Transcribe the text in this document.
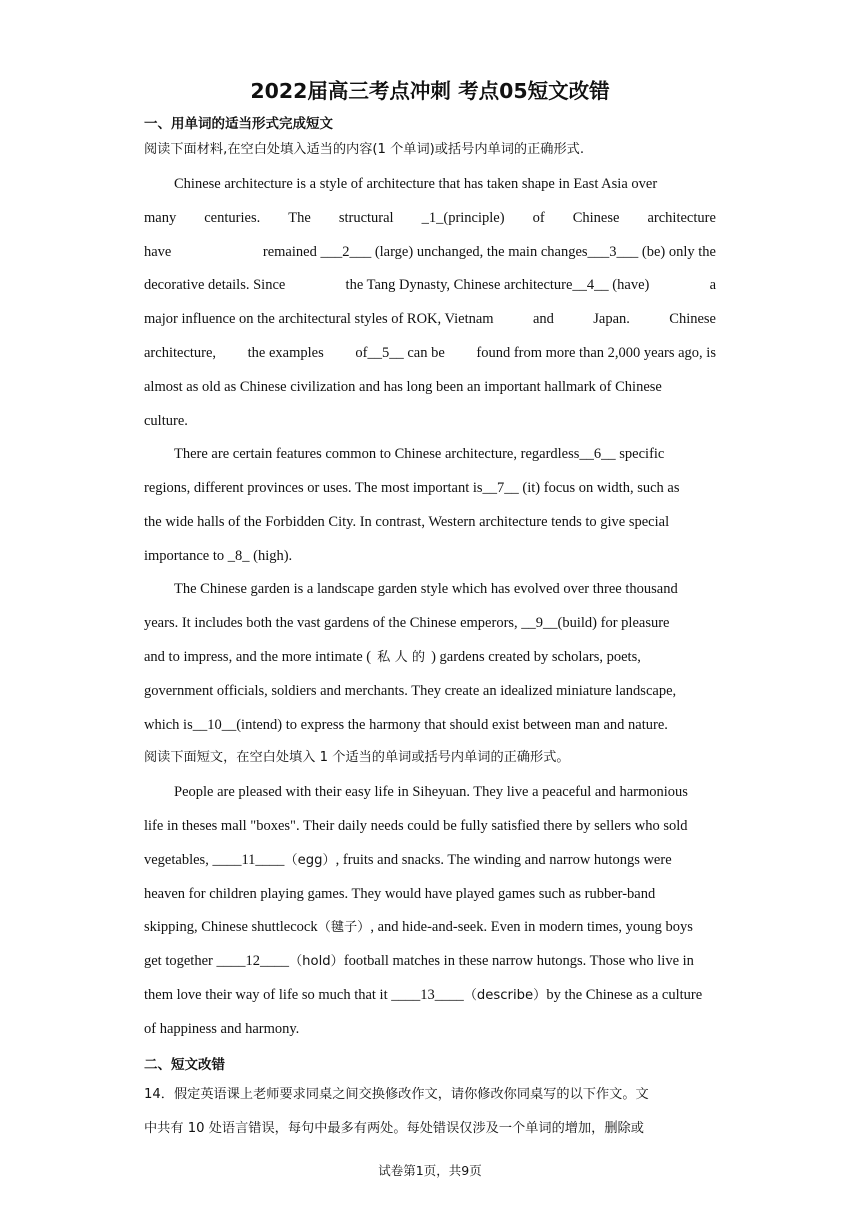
2022届高三考点冲刺 考点05短文改错

一、用单词的适当形式完成短文

阅读下面材料,在空白处填入适当的内容(1 个单词)或括号内单词的正确形式.

Chinese architecture is a style of architecture that has taken shape in East Asia over

many centuries. The structural _1_(principle) of Chinese architecture

have	remained ___2___ (large) unchanged, the main changes___3___ (be) only the

decorative details. Since	the Tang Dynasty, Chinese architecture__4__ (have)	a

major influence on the architectural styles of ROK, Vietnam	and	Japan.	Chinese

architecture, the examples of__5__ can be found from more than 2,000 years ago, is

almost as old as Chinese civilization and has long been an important hallmark of Chinese

culture.

There are certain features common to Chinese architecture, regardless__6__ specific

regions, different provinces or uses. The most important is__7__ (it) focus on width, such as

the wide halls of the Forbidden City. In contrast, Western architecture tends to give special

importance to _8_ (high).

The Chinese garden is a landscape garden style which has evolved over three thousand

years. It includes both the vast gardens of the Chinese emperors, __9__(build) for pleasure

and to impress, and the more intimate ( 私 人 的 ) gardens created by scholars, poets,

government officials, soldiers and merchants. They create an idealized miniature landscape,

which is__10__(intend) to express the harmony that should exist between man and nature.

阅读下面短文，在空白处填入 1 个适当的单词或括号内单词的正确形式。

People are pleased with their easy life in Siheyuan. They live a peaceful and harmonious

life in theses mall "boxes". Their daily needs could be fully satisfied there by sellers who sold

vegetables, ____11____（egg）, fruits and snacks. The winding and narrow hutongs were

heaven for children playing games. They would have played games such as rubber-band

skipping, Chinese shuttlecock（毽子）, and hide-and-seek. Even in modern times, young boys

get together ____12____（hold）football matches in these narrow hutongs. Those who live in

them love their way of life so much that it ____13____（describe）by the Chinese as a culture

of happiness and harmony.

二、短文改错

14．假定英语课上老师要求同桌之间交换修改作文，请你修改你同桌写的以下作文。文

中共有 10 处语言错误，每句中最多有两处。每处错误仅涉及一个单词的增加，删除或

试卷第1页，共9页
